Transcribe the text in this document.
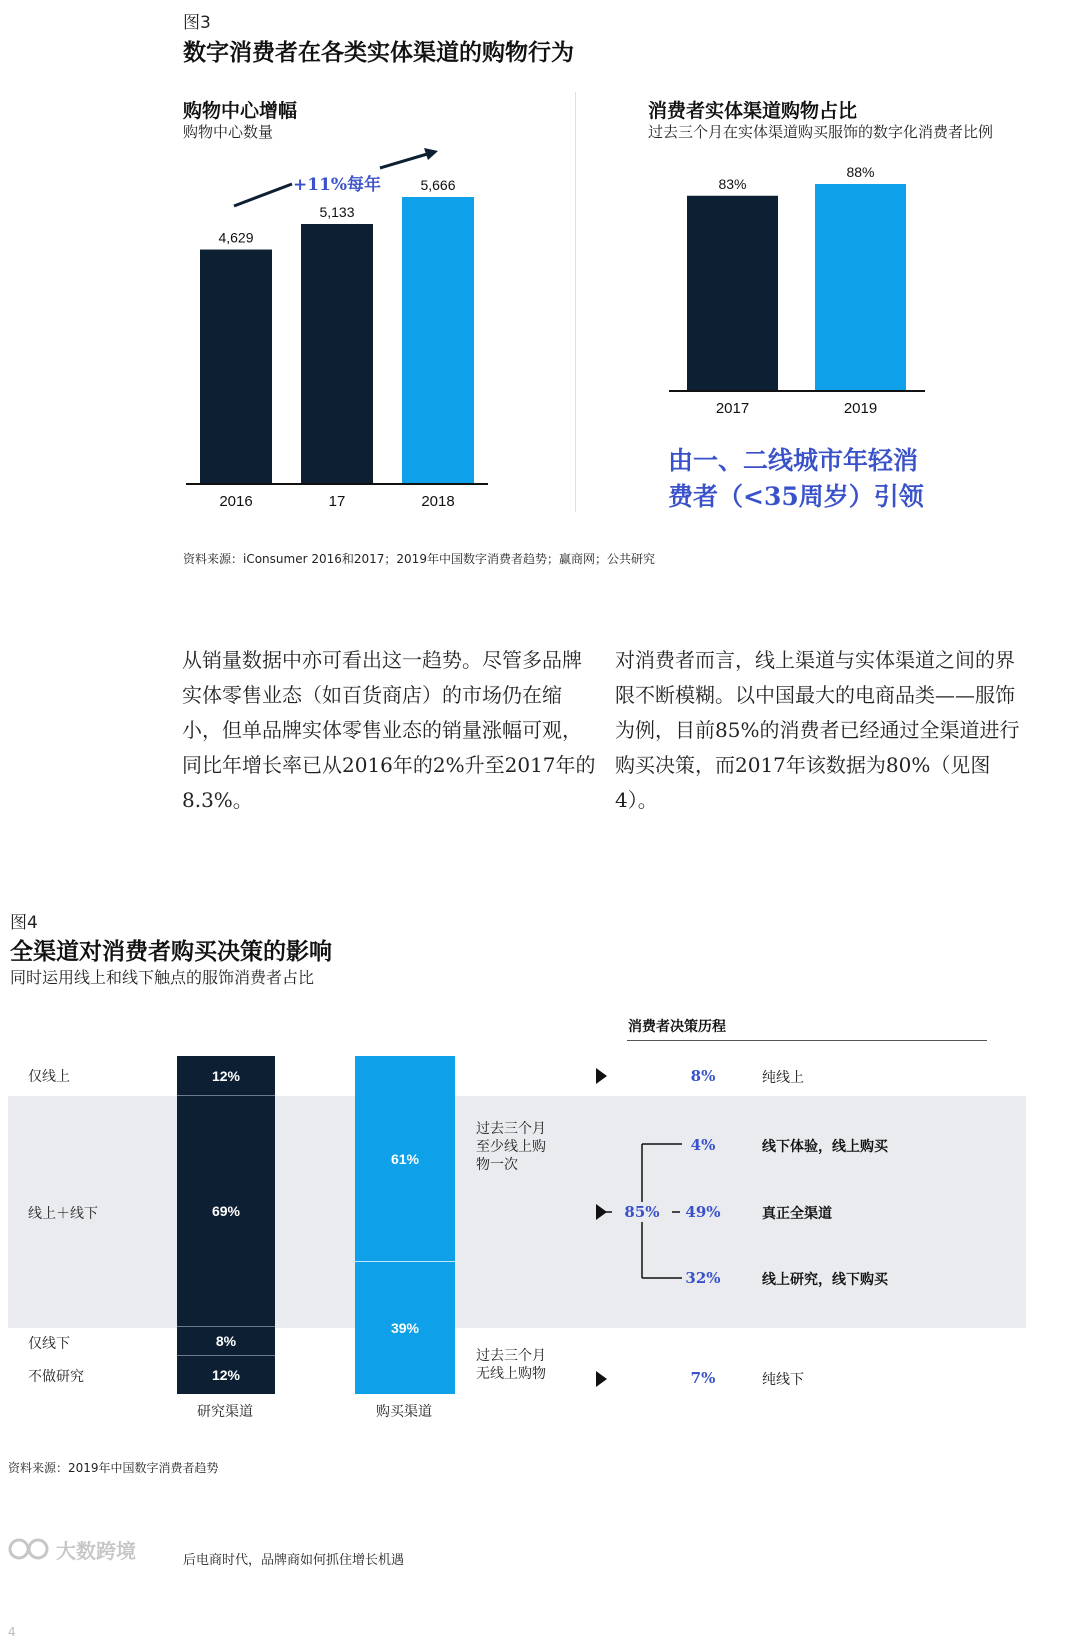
图3
数字消费者在各类实体渠道的购物行为
购物中心增幅
购物中心数量
4,629
2016
5,133
17
5,666
2018
+11%每年
消费者实体渠道购物占比
过去三个月在实体渠道购买服饰的数字化消费者比例
83%
2017
88%
2019
由一、二线城市年轻消
费者（<35周岁）引领
资料来源：iConsumer 2016和2017；2019年中国数字消费者趋势；赢商网；公共研究
从销量数据中亦可看出这一趋势。尽管多品牌实体零售业态（如百货商店）的市场仍在缩小，但单品牌实体零售业态的销量涨幅可观，同比年增长率已从2016年的2%升至2017年的8.3%。
对消费者而言，线上渠道与实体渠道之间的界限不断模糊。以中国最大的电商品类——服饰为例，目前85%的消费者已经通过全渠道进行购买决策，而2017年该数据为80%（见图4）。
图4
全渠道对消费者购买决策的影响
同时运用线上和线下触点的服饰消费者占比
消费者决策历程
仅线上
线上＋线下
仅线下
不做研究
12%
69%
8%
12%
研究渠道
61%
39%
购买渠道
过去三个月
至少线上购
物一次
过去三个月
无线上购物
8%	纯线上
85%
4%	线下体验，线上购买
49%	真正全渠道
32%	线上研究，线下购买
7%	纯线下
资料来源：2019年中国数字消费者趋势
4
大数跨境	后电商时代，品牌商如何抓住增长机遇
